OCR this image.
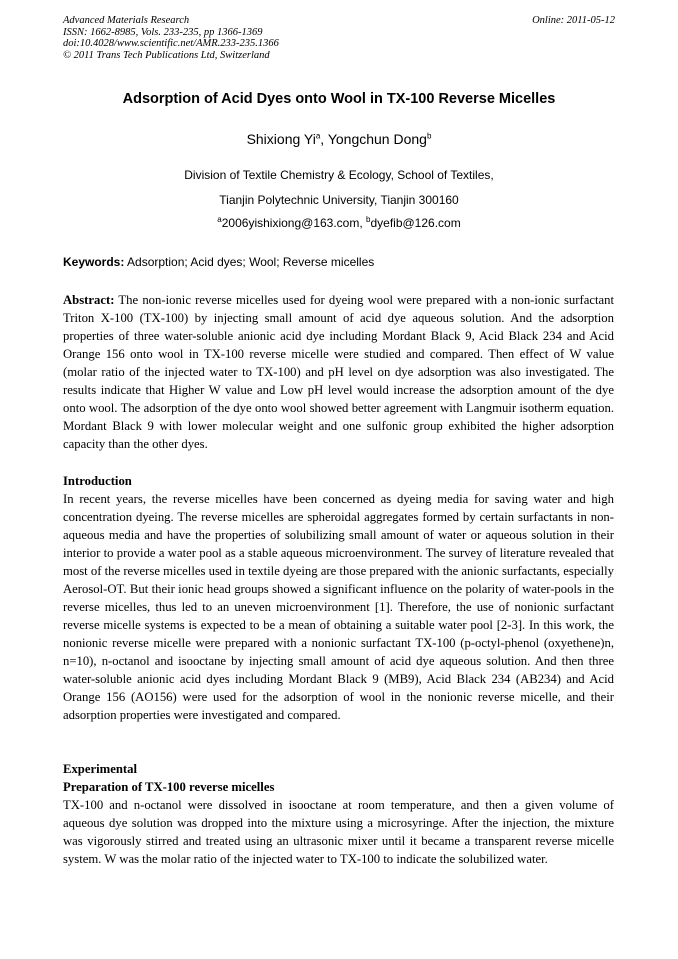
Advanced Materials Research
ISSN: 1662-8985, Vols. 233-235, pp 1366-1369
doi:10.4028/www.scientific.net/AMR.233-235.1366
© 2011 Trans Tech Publications Ltd, Switzerland
Online: 2011-05-12
Adsorption of Acid Dyes onto Wool in TX-100 Reverse Micelles
Shixiong Yi$^a$, Yongchun Dong$^b$
Division of Textile Chemistry & Ecology, School of Textiles,
Tianjin Polytechnic University, Tianjin 300160
$^a$2006yishixiong@163.com, $^b$dyefib@126.com
Keywords: Adsorption; Acid dyes; Wool; Reverse micelles
Abstract: The non-ionic reverse micelles used for dyeing wool were prepared with a non-ionic surfactant Triton X-100 (TX-100) by injecting small amount of acid dye aqueous solution. And the adsorption properties of three water-soluble anionic acid dye including Mordant Black 9, Acid Black 234 and Acid Orange 156 onto wool in TX-100 reverse micelle were studied and compared. Then effect of W value (molar ratio of the injected water to TX-100) and pH level on dye adsorption was also investigated. The results indicate that Higher W value and Low pH level would increase the adsorption amount of the dye onto wool. The adsorption of the dye onto wool showed better agreement with Langmuir isotherm equation. Mordant Black 9 with lower molecular weight and one sulfonic group exhibited the higher adsorption capacity than the other dyes.
Introduction
In recent years, the reverse micelles have been concerned as dyeing media for saving water and high concentration dyeing. The reverse micelles are spheroidal aggregates formed by certain surfactants in non-aqueous media and have the properties of solubilizing small amount of water or aqueous solution in their interior to provide a water pool as a stable aqueous microenvironment. The survey of literature revealed that most of the reverse micelles used in textile dyeing are those prepared with the anionic surfactants, especially Aerosol-OT. But their ionic head groups showed a significant influence on the polarity of water-pools in the reverse micelles, thus led to an uneven microenvironment [1]. Therefore, the use of nonionic surfactant reverse micelle systems is expected to be a mean of obtaining a suitable water pool [2-3]. In this work, the nonionic reverse micelle were prepared with a nonionic surfactant TX-100 (p-octyl-phenol (oxyethene)n, n=10), n-octanol and isooctane by injecting small amount of acid dye aqueous solution. And then three water-soluble anionic acid dyes including Mordant Black 9 (MB9), Acid Black 234 (AB234) and Acid Orange 156 (AO156) were used for the adsorption of wool in the nonionic reverse micelle, and their adsorption properties were investigated and compared.
Experimental
Preparation of TX-100 reverse micelles
TX-100 and n-octanol were dissolved in isooctane at room temperature, and then a given volume of aqueous dye solution was dropped into the mixture using a microsyringe. After the injection, the mixture was vigorously stirred and treated using an ultrasonic mixer until it became a transparent reverse micelle system. W was the molar ratio of the injected water to TX-100 to indicate the solubilized water.
